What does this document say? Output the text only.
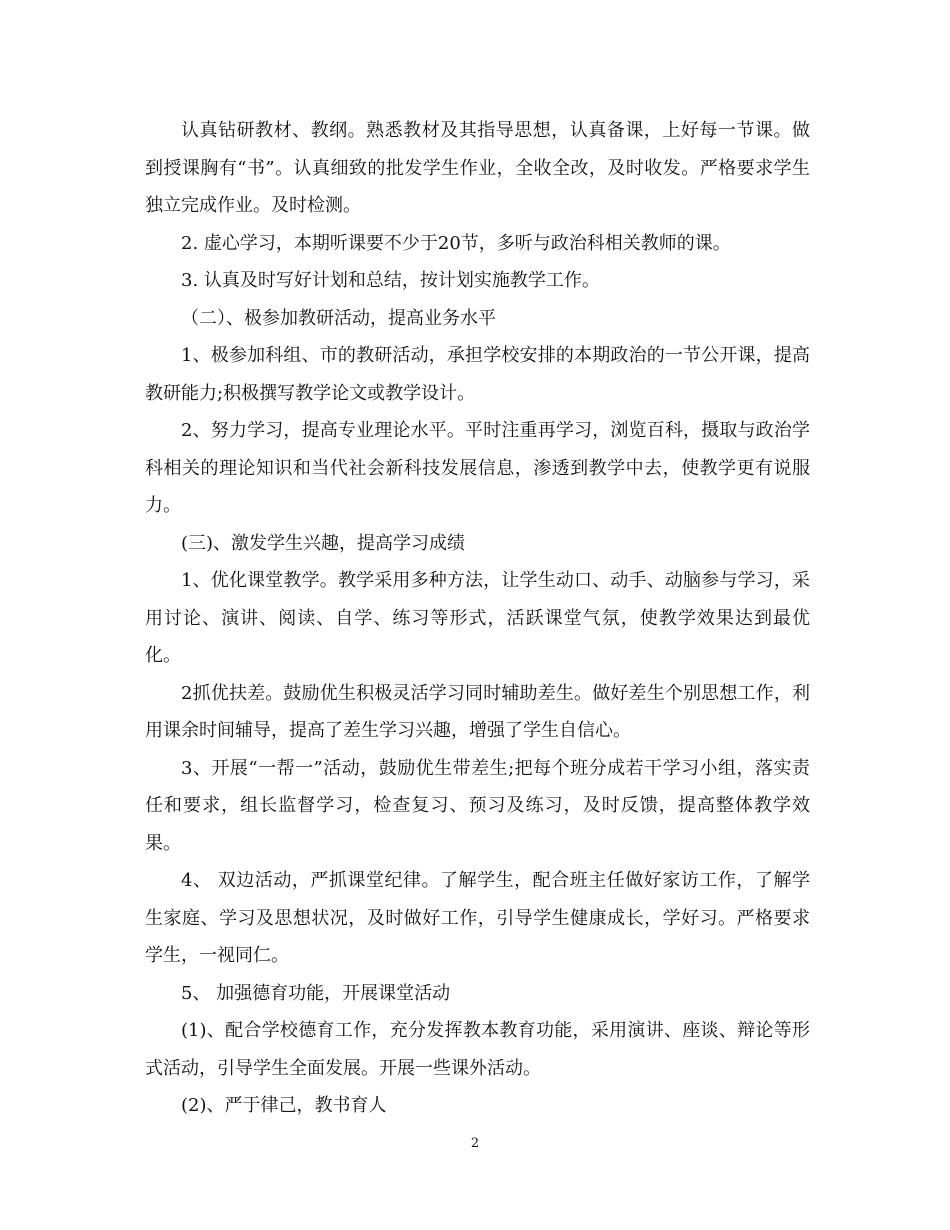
认真钻研教材、教纲。熟悉教材及其指导思想，认真备课，上好每一节课。做到授课胸有“书”。认真细致的批发学生作业，全收全改，及时收发。严格要求学生独立完成作业。及时检测。

2. 虚心学习，本期听课要不少于20节，多听与政治科相关教师的课。

3. 认真及时写好计划和总结，按计划实施教学工作。

（二）、极参加教研活动，提高业务水平

1、极参加科组、市的教研活动，承担学校安排的本期政治的一节公开课，提高教研能力;积极撰写教学论文或教学设计。

2、努力学习，提高专业理论水平。平时注重再学习，浏览百科，摄取与政治学科相关的理论知识和当代社会新科技发展信息，渗透到教学中去，使教学更有说服力。

(三)、激发学生兴趣，提高学习成绩

1、优化课堂教学。教学采用多种方法，让学生动口、动手、动脑参与学习，采用讨论、演讲、阅读、自学、练习等形式，活跃课堂气氛，使教学效果达到最优化。

2抓优扶差。鼓励优生积极灵活学习同时辅助差生。做好差生个别思想工作，利用课余时间辅导，提高了差生学习兴趣，增强了学生自信心。

3、开展“一帮一”活动，鼓励优生带差生;把每个班分成若干学习小组，落实责任和要求，组长监督学习，检查复习、预习及练习，及时反馈，提高整体教学效果。

4、 双边活动，严抓课堂纪律。了解学生，配合班主任做好家访工作，了解学生家庭、学习及思想状况，及时做好工作，引导学生健康成长，学好习。严格要求学生，一视同仁。

5、 加强德育功能，开展课堂活动

(1)、配合学校德育工作，充分发挥教本教育功能，采用演讲、座谈、辩论等形式活动，引导学生全面发展。开展一些课外活动。

(2)、严于律己，教书育人

2
